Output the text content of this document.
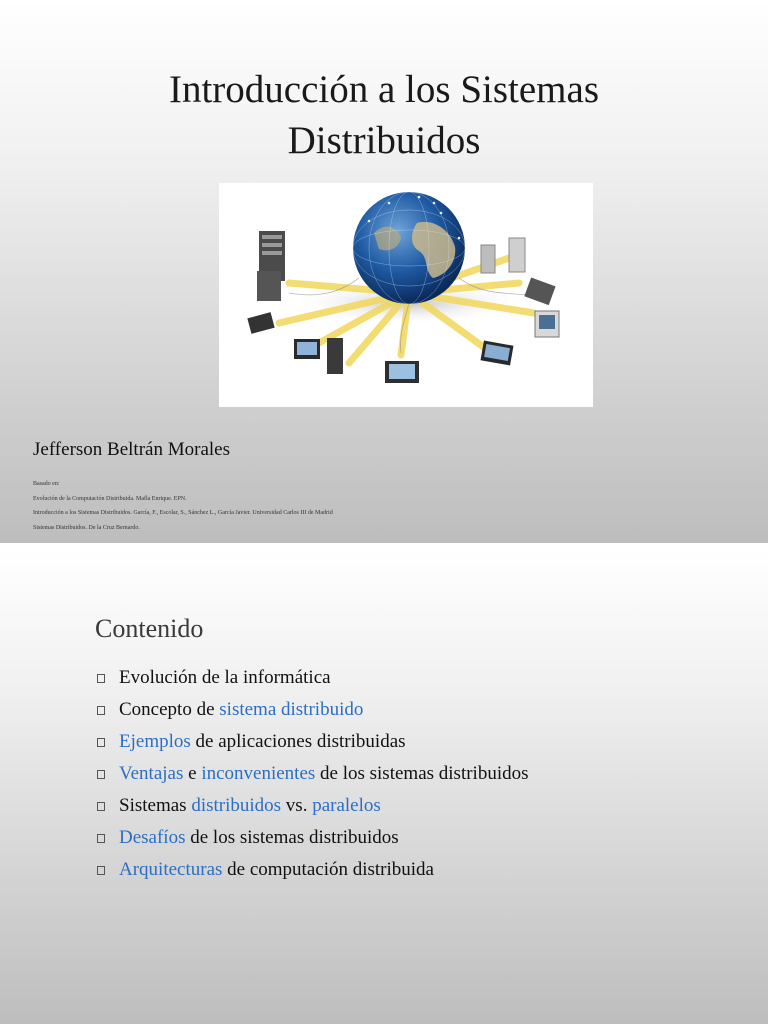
Introducción a los Sistemas
Distribuidos
Jefferson Beltrán Morales
Basado en:
Evolución de la Computación Distribuida. Mafla Enrique. EPN.
Introducción a los Sistemas Distribuidos. García, F., Escolar, S., Sánchez L., García Javier. Universidad Carlos III de Madrid
Sistemas Distribuidos. De la Cruz Bernardo.
Contenido
Evolución de la informática
Concepto de sistema distribuido
Ejemplos de aplicaciones distribuidas
Ventajas e inconvenientes de los sistemas distribuidos
Sistemas distribuidos vs. paralelos
Desafíos de los sistemas distribuidos
Arquitecturas de computación distribuida
